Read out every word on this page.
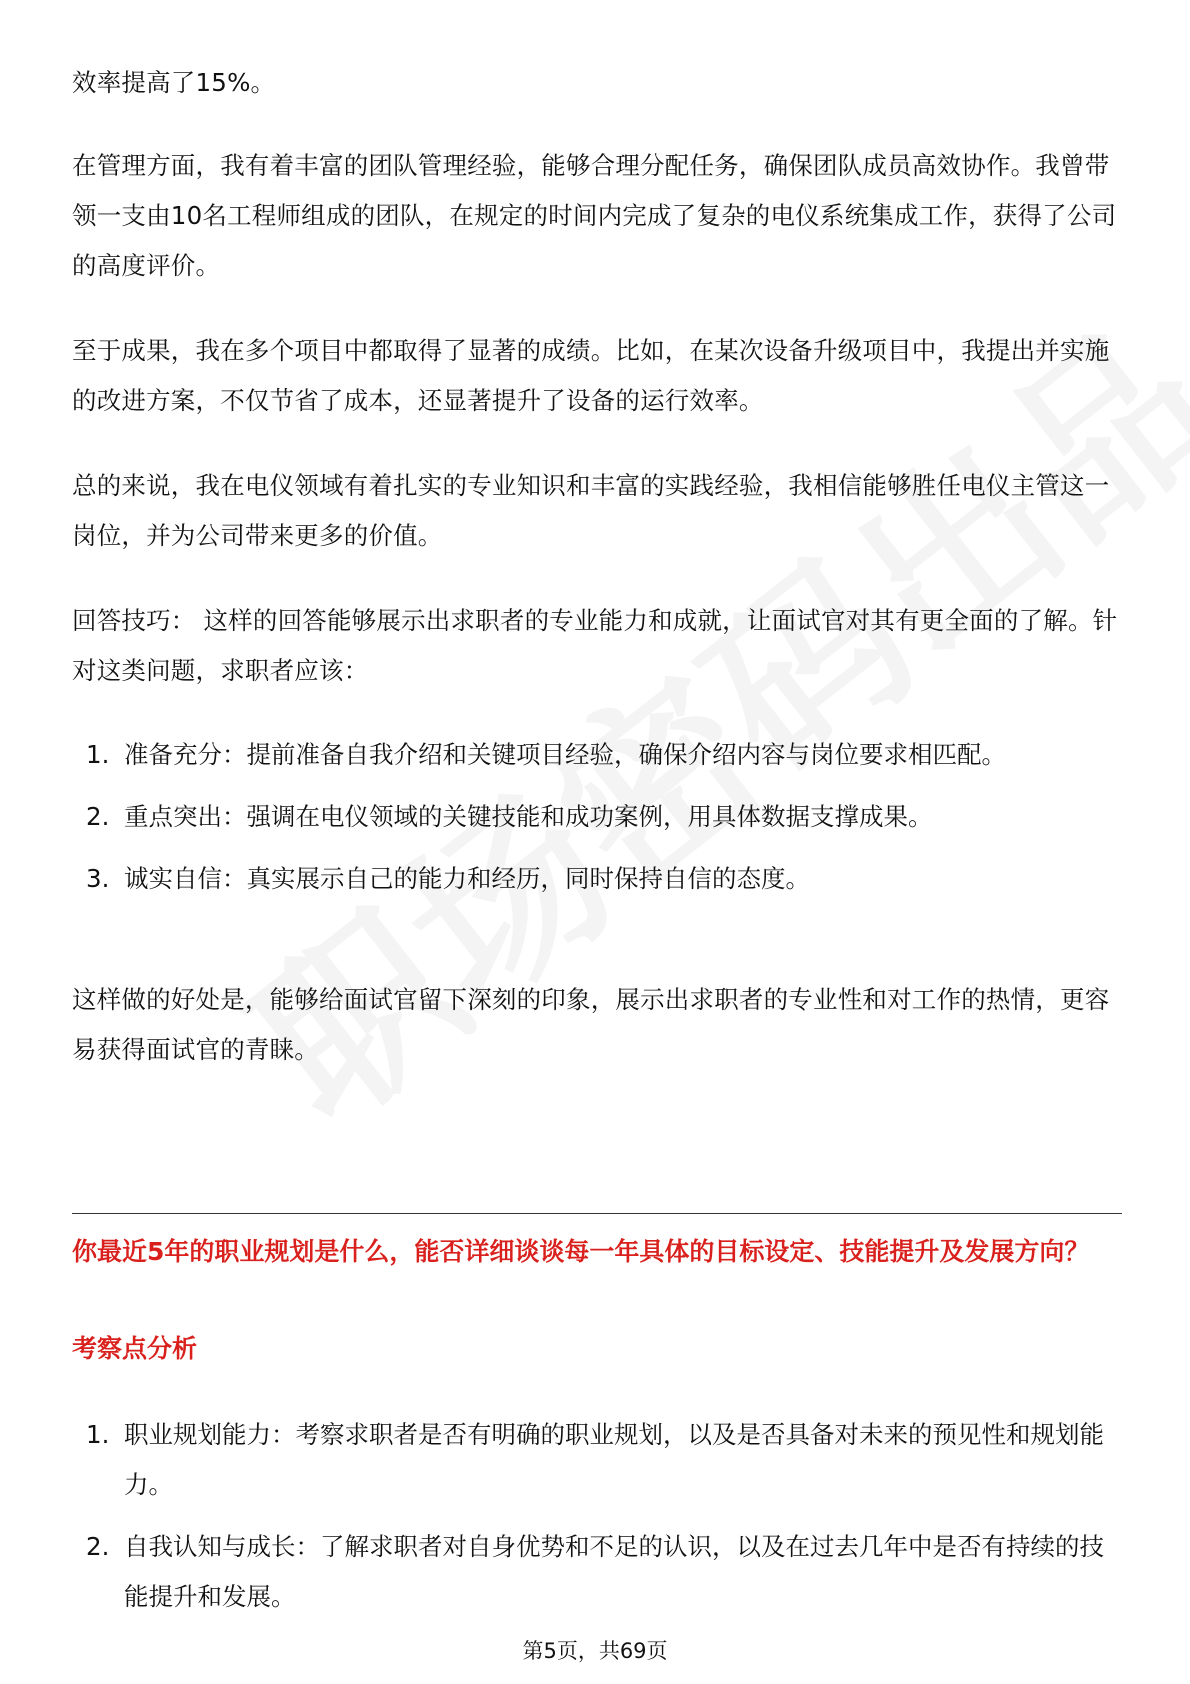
效率提高了15%。

在管理方面，我有着丰富的团队管理经验，能够合理分配任务，确保团队成员高效协作。我曾带领一支由10名工程师组成的团队，在规定的时间内完成了复杂的电仪系统集成工作，获得了公司的高度评价。

至于成果，我在多个项目中都取得了显著的成绩。比如，在某次设备升级项目中，我提出并实施的改进方案，不仅节省了成本，还显著提升了设备的运行效率。

总的来说，我在电仪领域有着扎实的专业知识和丰富的实践经验，我相信能够胜任电仪主管这一岗位，并为公司带来更多的价值。

回答技巧： 这样的回答能够展示出求职者的专业能力和成就，让面试官对其有更全面的了解。针对这类问题，求职者应该：

1. 准备充分：提前准备自我介绍和关键项目经验，确保介绍内容与岗位要求相匹配。
2. 重点突出：强调在电仪领域的关键技能和成功案例，用具体数据支撑成果。
3. 诚实自信：真实展示自己的能力和经历，同时保持自信的态度。

这样做的好处是，能够给面试官留下深刻的印象，展示出求职者的专业性和对工作的热情，更容易获得面试官的青睐。

你最近5年的职业规划是什么，能否详细谈谈每一年具体的目标设定、技能提升及发展方向？
考察点分析
1. 职业规划能力：考察求职者是否有明确的职业规划，以及是否具备对未来的预见性和规划能力。
2. 自我认知与成长：了解求职者对自身优势和不足的认识，以及在过去几年中是否有持续的技能提升和发展。
第5页，共69页
